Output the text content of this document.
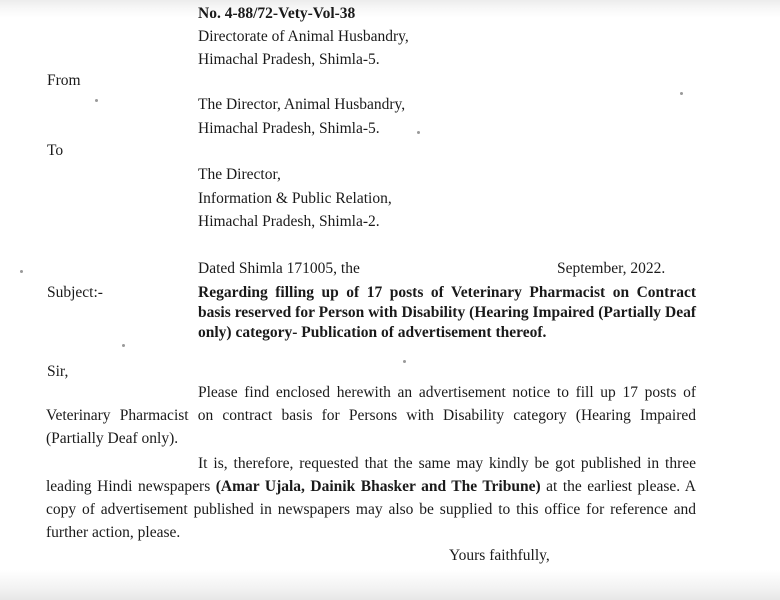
No. 4-88/72-Vety-Vol-38
Directorate of Animal Husbandry,
Himachal Pradesh, Shimla-5.
From
The Director, Animal Husbandry,
Himachal Pradesh, Shimla-5.
To
The Director,
Information & Public Relation,
Himachal Pradesh, Shimla-2.
Dated Shimla 171005, the	September, 2022.
Subject:-	Regarding filling up of 17 posts of Veterinary Pharmacist on Contract basis reserved for Person with Disability (Hearing Impaired (Partially Deaf only) category- Publication of advertisement thereof.
Sir,
Please find enclosed herewith an advertisement notice to fill up 17 posts of Veterinary Pharmacist on contract basis for Persons with Disability category (Hearing Impaired (Partially Deaf only).
It is, therefore, requested that the same may kindly be got published in three leading Hindi newspapers (Amar Ujala, Dainik Bhasker and The Tribune) at the earliest please. A copy of advertisement published in newspapers may also be supplied to this office for reference and further action, please.
Yours faithfully,
